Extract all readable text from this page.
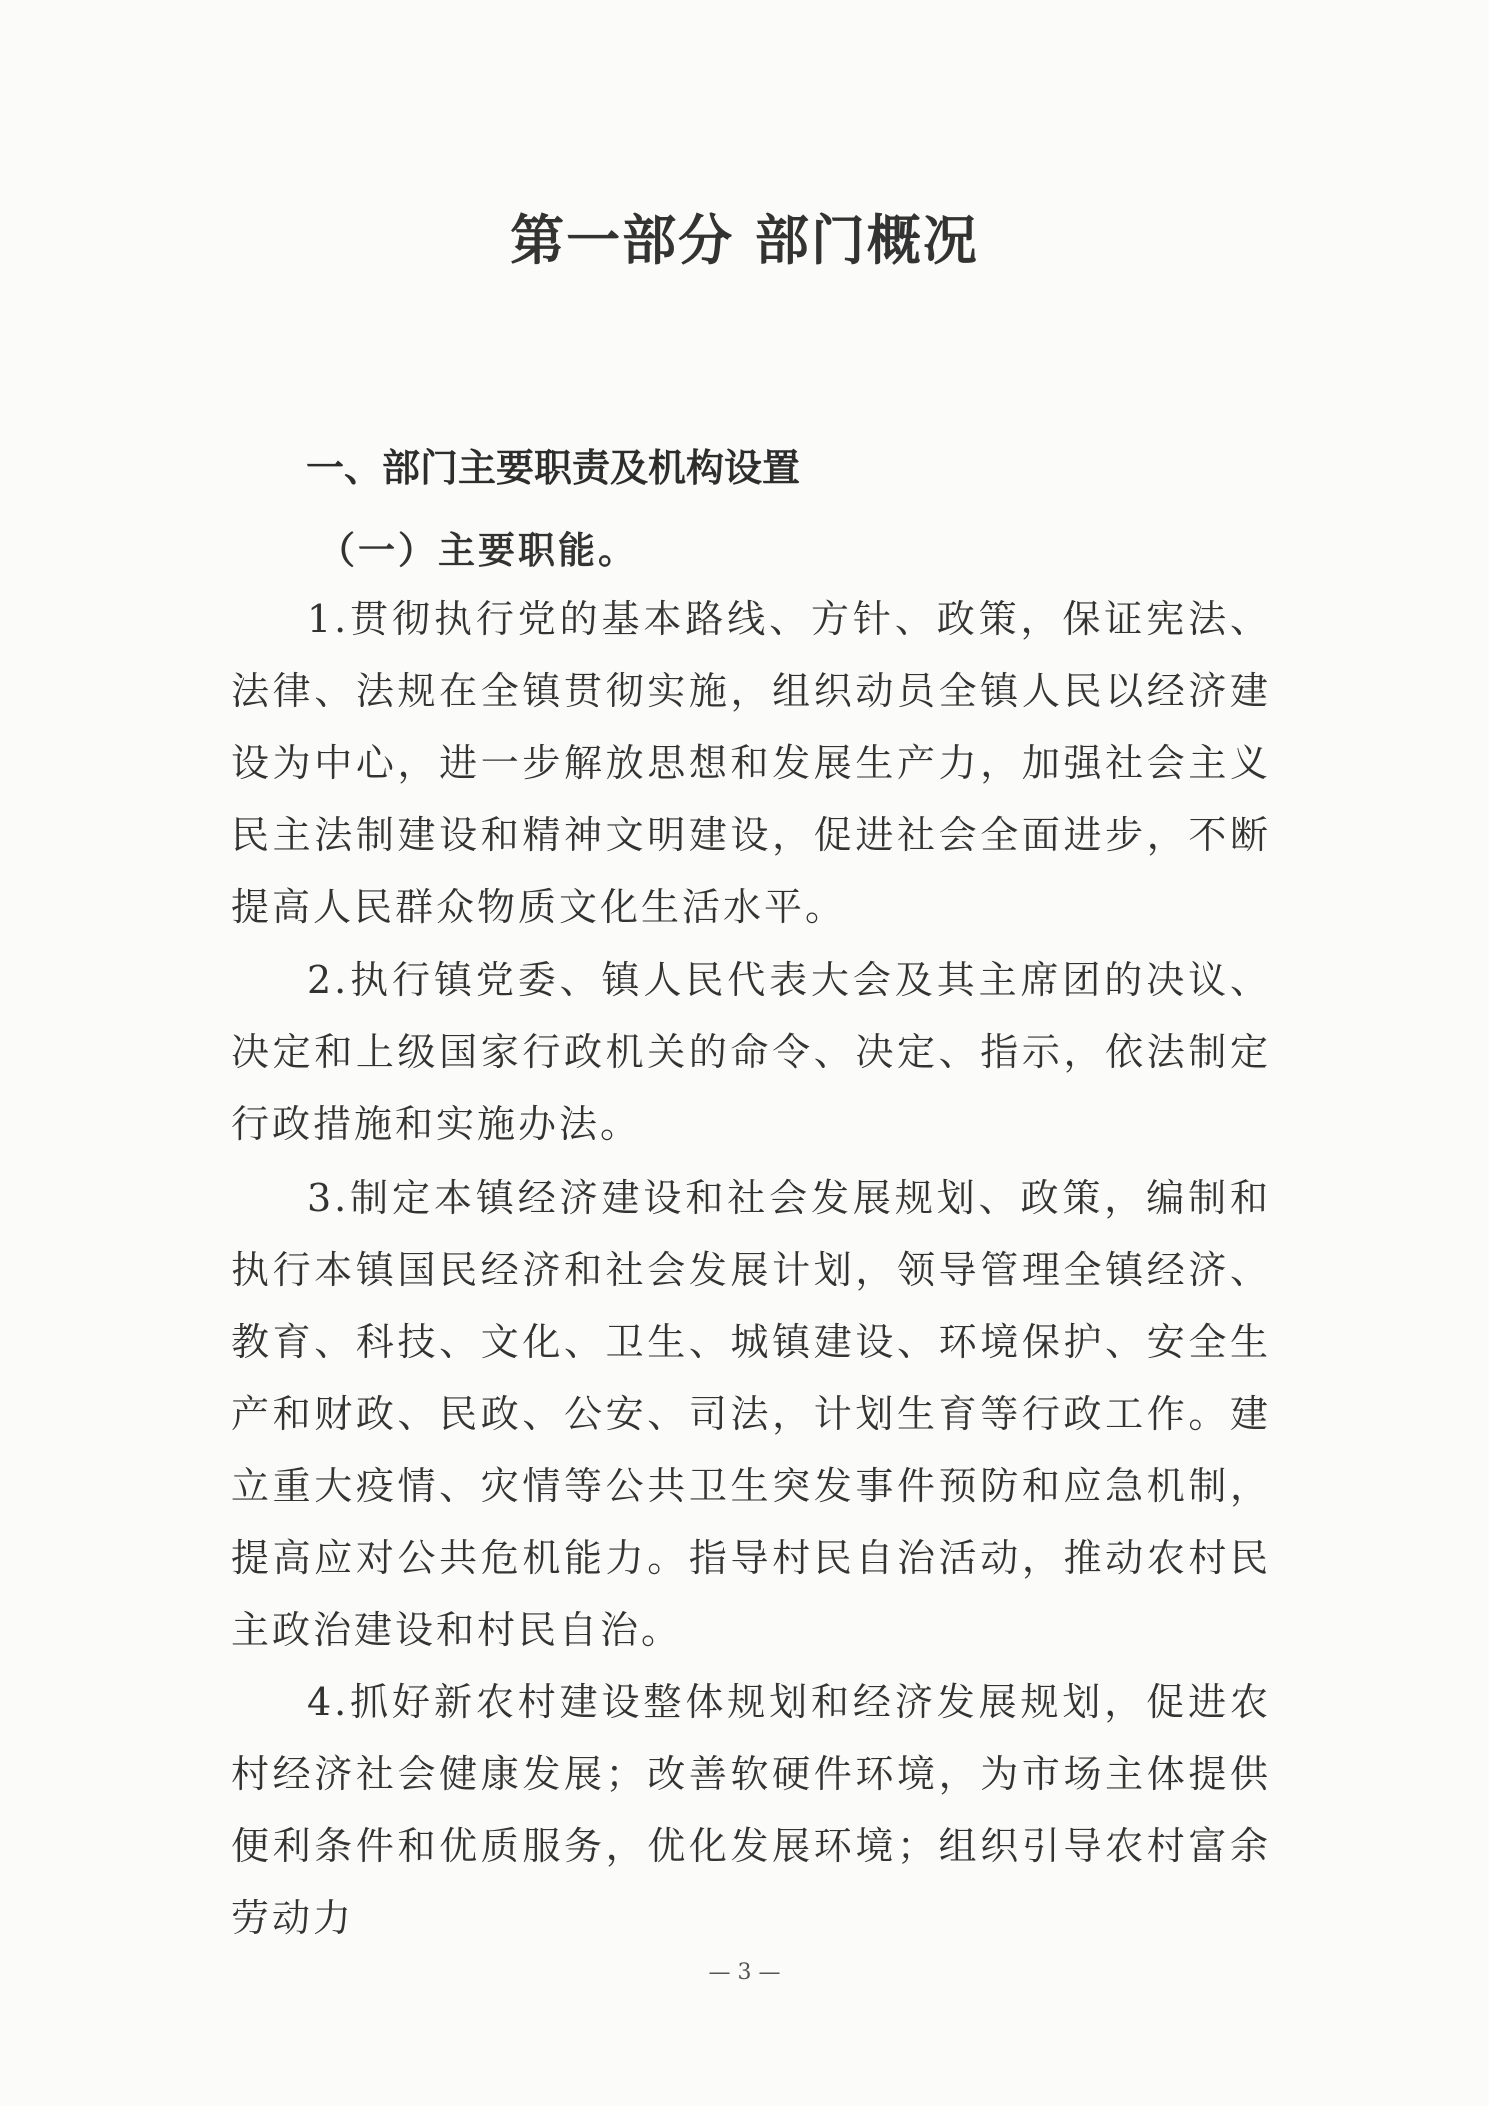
第一部分 部门概况
一、部门主要职责及机构设置
（一）主要职能。

1.贯彻执行党的基本路线、方针、政策，保证宪法、法律、法规在全镇贯彻实施，组织动员全镇人民以经济建设为中心，进一步解放思想和发展生产力，加强社会主义民主法制建设和精神文明建设，促进社会全面进步，不断提高人民群众物质文化生活水平。

2.执行镇党委、镇人民代表大会及其主席团的决议、决定和上级国家行政机关的命令、决定、指示，依法制定行政措施和实施办法。

3.制定本镇经济建设和社会发展规划、政策，编制和执行本镇国民经济和社会发展计划，领导管理全镇经济、教育、科技、文化、卫生、城镇建设、环境保护、安全生产和财政、民政、公安、司法，计划生育等行政工作。建立重大疫情、灾情等公共卫生突发事件预防和应急机制，提高应对公共危机能力。指导村民自治活动，推动农村民主政治建设和村民自治。

4.抓好新农村建设整体规划和经济发展规划，促进农村经济社会健康发展；改善软硬件环境，为市场主体提供便利条件和优质服务，优化发展环境；组织引导农村富余劳动力

— 3 —
